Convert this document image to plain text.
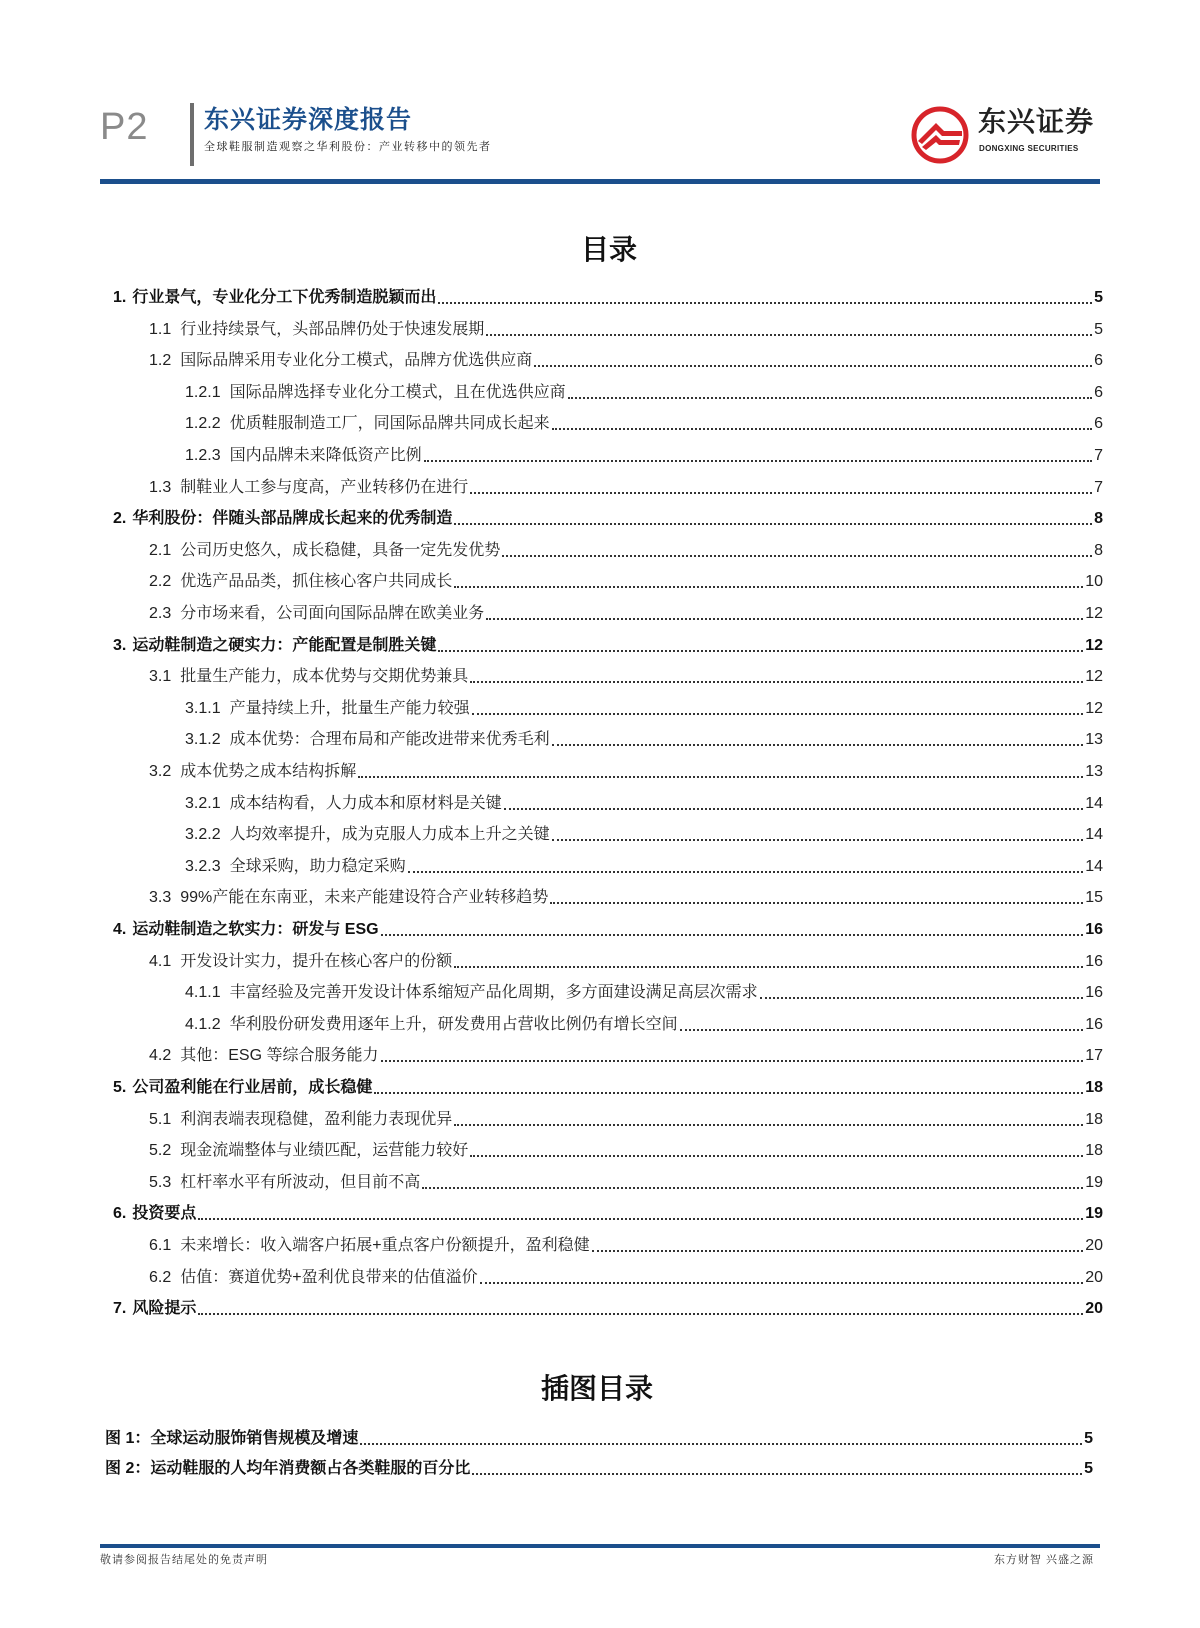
P2 东兴证券深度报告
全球鞋服制造观察之华利股份：产业转移中的领先者
东兴证券
DONGXING SECURITIES
目录
1. 行业景气，专业化分工下优秀制造脱颖而出	5
1.1 行业持续景气，头部品牌仍处于快速发展期	5
1.2 国际品牌采用专业化分工模式，品牌方优选供应商	6
1.2.1 国际品牌选择专业化分工模式，且在优选供应商	6
1.2.2 优质鞋服制造工厂，同国际品牌共同成长起来	6
1.2.3 国内品牌未来降低资产比例	7
1.3 制鞋业人工参与度高，产业转移仍在进行	7
2. 华利股份：伴随头部品牌成长起来的优秀制造	8
2.1 公司历史悠久，成长稳健，具备一定先发优势	8
2.2 优选产品品类，抓住核心客户共同成长	10
2.3 分市场来看，公司面向国际品牌在欧美业务	12
3. 运动鞋制造之硬实力：产能配置是制胜关键	12
3.1 批量生产能力，成本优势与交期优势兼具	12
3.1.1 产量持续上升，批量生产能力较强	12
3.1.2 成本优势：合理布局和产能改进带来优秀毛利	13
3.2 成本优势之成本结构拆解	13
3.2.1 成本结构看，人力成本和原材料是关键	14
3.2.2 人均效率提升，成为克服人力成本上升之关键	14
3.2.3 全球采购，助力稳定采购	14
3.3 99%产能在东南亚，未来产能建设符合产业转移趋势	15
4. 运动鞋制造之软实力：研发与 ESG	16
4.1 开发设计实力，提升在核心客户的份额	16
4.1.1 丰富经验及完善开发设计体系缩短产品化周期，多方面建设满足高层次需求	16
4.1.2 华利股份研发费用逐年上升，研发费用占营收比例仍有增长空间	16
4.2 其他：ESG 等综合服务能力	17
5. 公司盈利能在行业居前，成长稳健	18
5.1 利润表端表现稳健，盈利能力表现优异	18
5.2 现金流端整体与业绩匹配，运营能力较好	18
5.3 杠杆率水平有所波动，但目前不高	19
6. 投资要点	19
6.1 未来增长：收入端客户拓展+重点客户份额提升，盈利稳健	20
6.2 估值：赛道优势+盈利优良带来的估值溢价	20
7. 风险提示	20
插图目录
图 1： 全球运动服饰销售规模及增速	5
图 2： 运动鞋服的人均年消费额占各类鞋服的百分比	5
敬请参阅报告结尾处的免责声明	东方财智 兴盛之源
